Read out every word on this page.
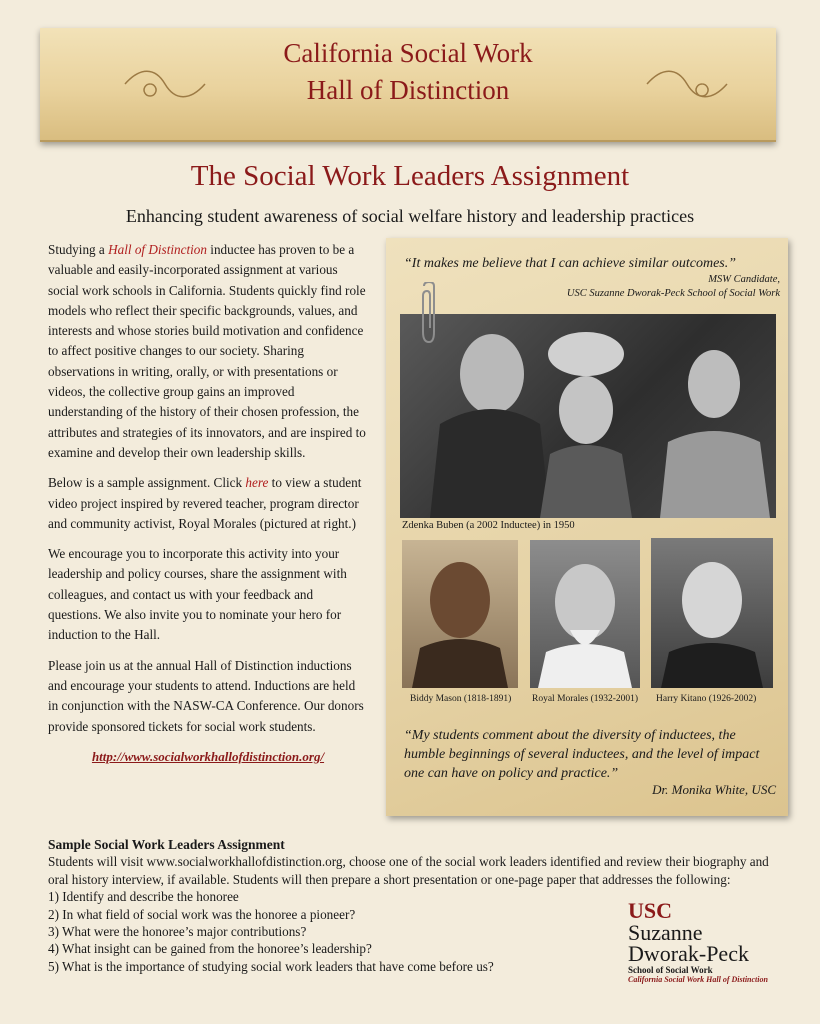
California Social Work
Hall of Distinction
The Social Work Leaders Assignment
Enhancing student awareness of social welfare history and leadership practices

Studying a Hall of Distinction inductee has proven to be a valuable and easily-incorporated assignment at various social work schools in California. Students quickly find role models who reflect their specific backgrounds, values, and interests and whose stories build motivation and confidence to affect positive changes to our society. Sharing observations in writing, orally, or with presentations or videos, the collective group gains an improved understanding of the history of their chosen profession, the attributes and strategies of its innovators, and are inspired to examine and develop their own leadership skills.

Below is a sample assignment. Click here to view a student video project inspired by revered teacher, program director and community activist, Royal Morales (pictured at right.)

We encourage you to incorporate this activity into your leadership and policy courses, share the assignment with colleagues, and contact us with your feedback and questions. We also invite you to nominate your hero for induction to the Hall.

Please join us at the annual Hall of Distinction inductions and encourage your students to attend. Inductions are held in conjunction with the NASW-CA Conference. Our donors provide sponsored tickets for social work students.

http://www.socialworkhallofdistinction.org/
“It makes me believe that I can achieve similar outcomes.”
MSW Candidate,
USC Suzanne Dworak-Peck School of Social Work
Zdenka Buben (a 2002 Inductee) in 1950
Biddy Mason (1818-1891) Royal Morales (1932-2001) Harry Kitano (1926-2002)
“My students comment about the diversity of inductees, the humble beginnings of several inductees, and the level of impact one can have on policy and practice.”
Dr. Monika White, USC
Sample Social Work Leaders Assignment
Students will visit www.socialworkhallofdistinction.org, choose one of the social work leaders identified and review their biography and oral history interview, if available. Students will then prepare a short presentation or one-page paper that addresses the following:
1) Identify and describe the honoree
2) In what field of social work was the honoree a pioneer?
3) What were the honoree’s major contributions?
4) What insight can be gained from the honoree’s leadership?
5) What is the importance of studying social work leaders that have come before us?
USC
Suzanne
Dworak-Peck
School of Social Work
California Social Work Hall of Distinction
